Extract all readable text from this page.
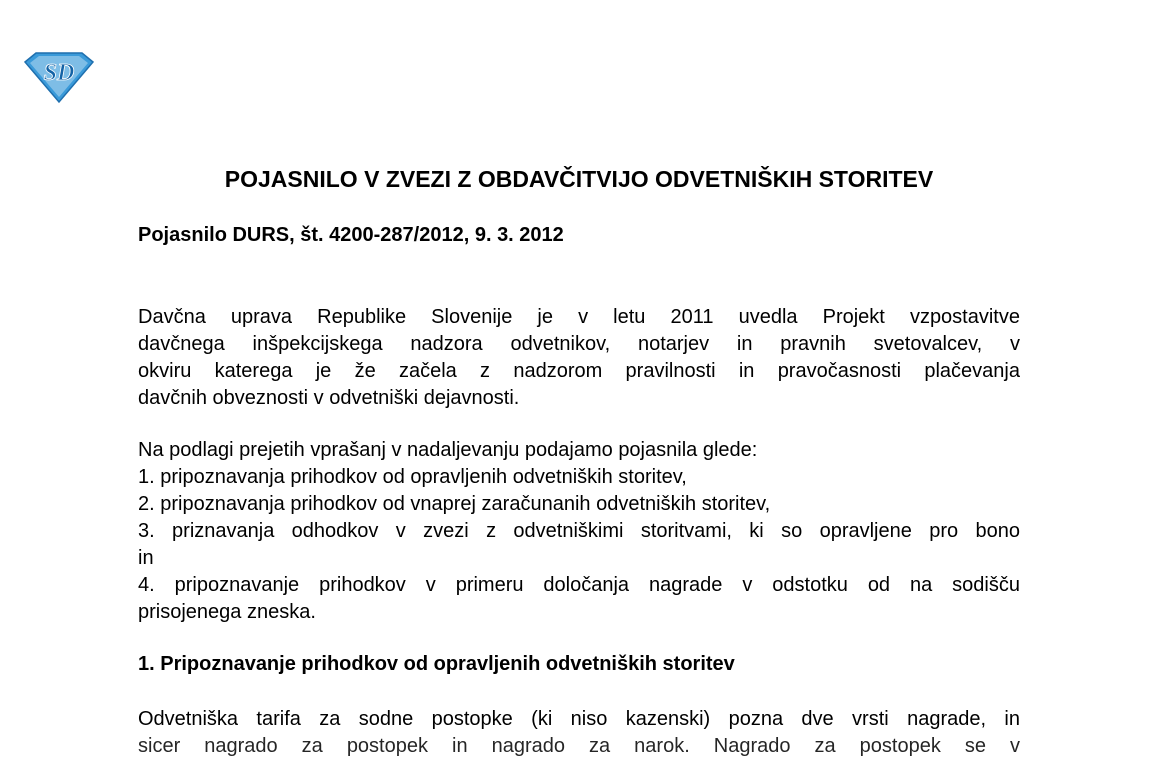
SD
POJASNILO V ZVEZI Z OBDAVČITVIJO ODVETNIŠKIH STORITEV
Pojasnilo DURS, št. 4200-287/2012, 9. 3. 2012
Davčna uprava Republike Slovenije je v letu 2011 uvedla Projekt vzpostavitve
davčnega inšpekcijskega nadzora odvetnikov, notarjev in pravnih svetovalcev, v
okviru katerega je že začela z nadzorom pravilnosti in pravočasnosti plačevanja
davčnih obveznosti v odvetniški dejavnosti.
Na podlagi prejetih vprašanj v nadaljevanju podajamo pojasnila glede:
1. pripoznavanja prihodkov od opravljenih odvetniških storitev,
2. pripoznavanja prihodkov od vnaprej zaračunanih odvetniških storitev,
3. priznavanja odhodkov v zvezi z odvetniškimi storitvami, ki so opravljene pro bono
in
4. pripoznavanje prihodkov v primeru določanja nagrade v odstotku od na sodišču
prisojenega zneska.
1. Pripoznavanje prihodkov od opravljenih odvetniških storitev
Odvetniška tarifa za sodne postopke (ki niso kazenski) pozna dve vrsti nagrade, in
sicer nagrado za postopek in nagrado za narok. Nagrado za postopek se v
